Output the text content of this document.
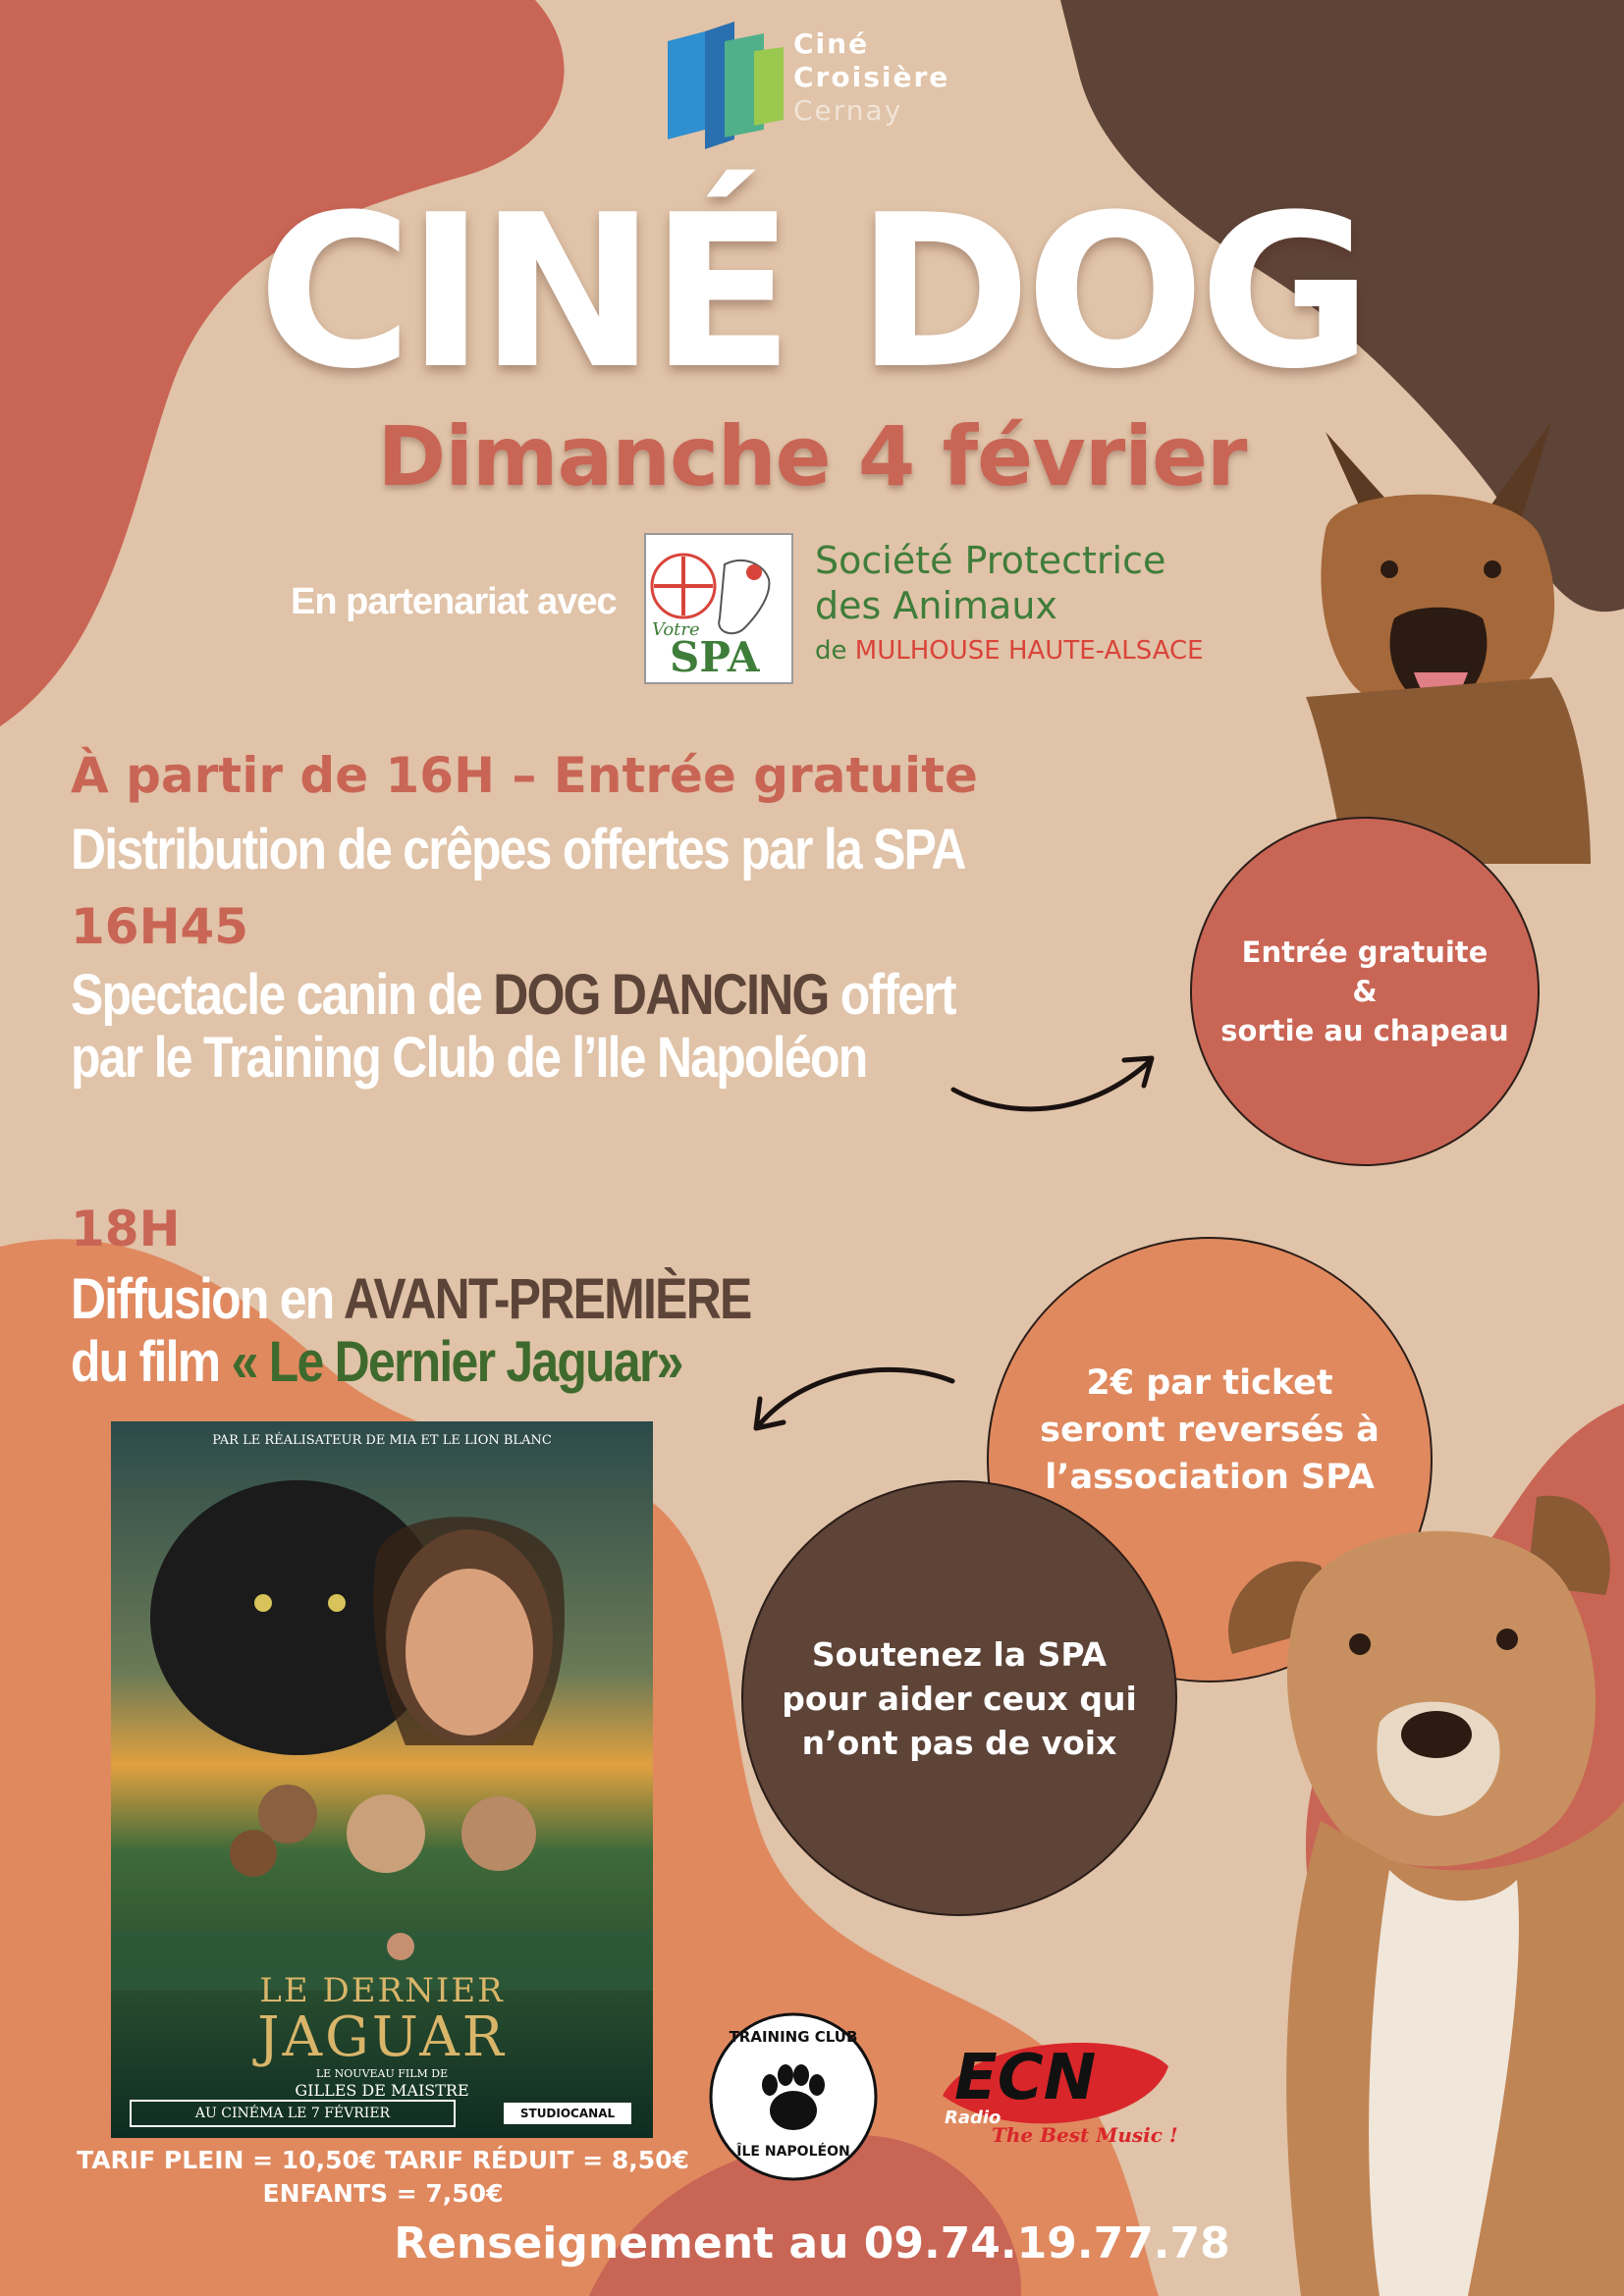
Ciné
Croisière
Cernay
CINÉ DOG
Dimanche 4 février
En partenariat avec
Votre
SPA
Société Protectrice
des Animaux
de MULHOUSE HAUTE-ALSACE
À partir de 16H – Entrée gratuite
Distribution de crêpes offertes par la SPA
16H45
Spectacle canin de DOG DANCING offert
par le Training Club de l’Ile Napoléon
18H
Diffusion en AVANT-PREMIÈRE
du film « Le Dernier Jaguar»
Entrée gratuite
&
sortie au chapeau
2€ par ticket
seront reversés à
l’association SPA
Soutenez la SPA
pour aider ceux qui
n’ont pas de voix
PAR LE RÉALISATEUR DE MIA ET LE LION BLANC
LE DERNIER
JAGUAR
LE NOUVEAU FILM DE
GILLES DE MAISTRE
AU CINÉMA LE 7 FÉVRIER	STUDIOCANAL
TARIF PLEIN = 10,50€ TARIF RÉDUIT = 8,50€
ENFANTS = 7,50€
TRAINING CLUB
ÎLE NAPOLÉON
ECN
Radio
The Best Music !
Renseignement au 09.74.19.77.78
